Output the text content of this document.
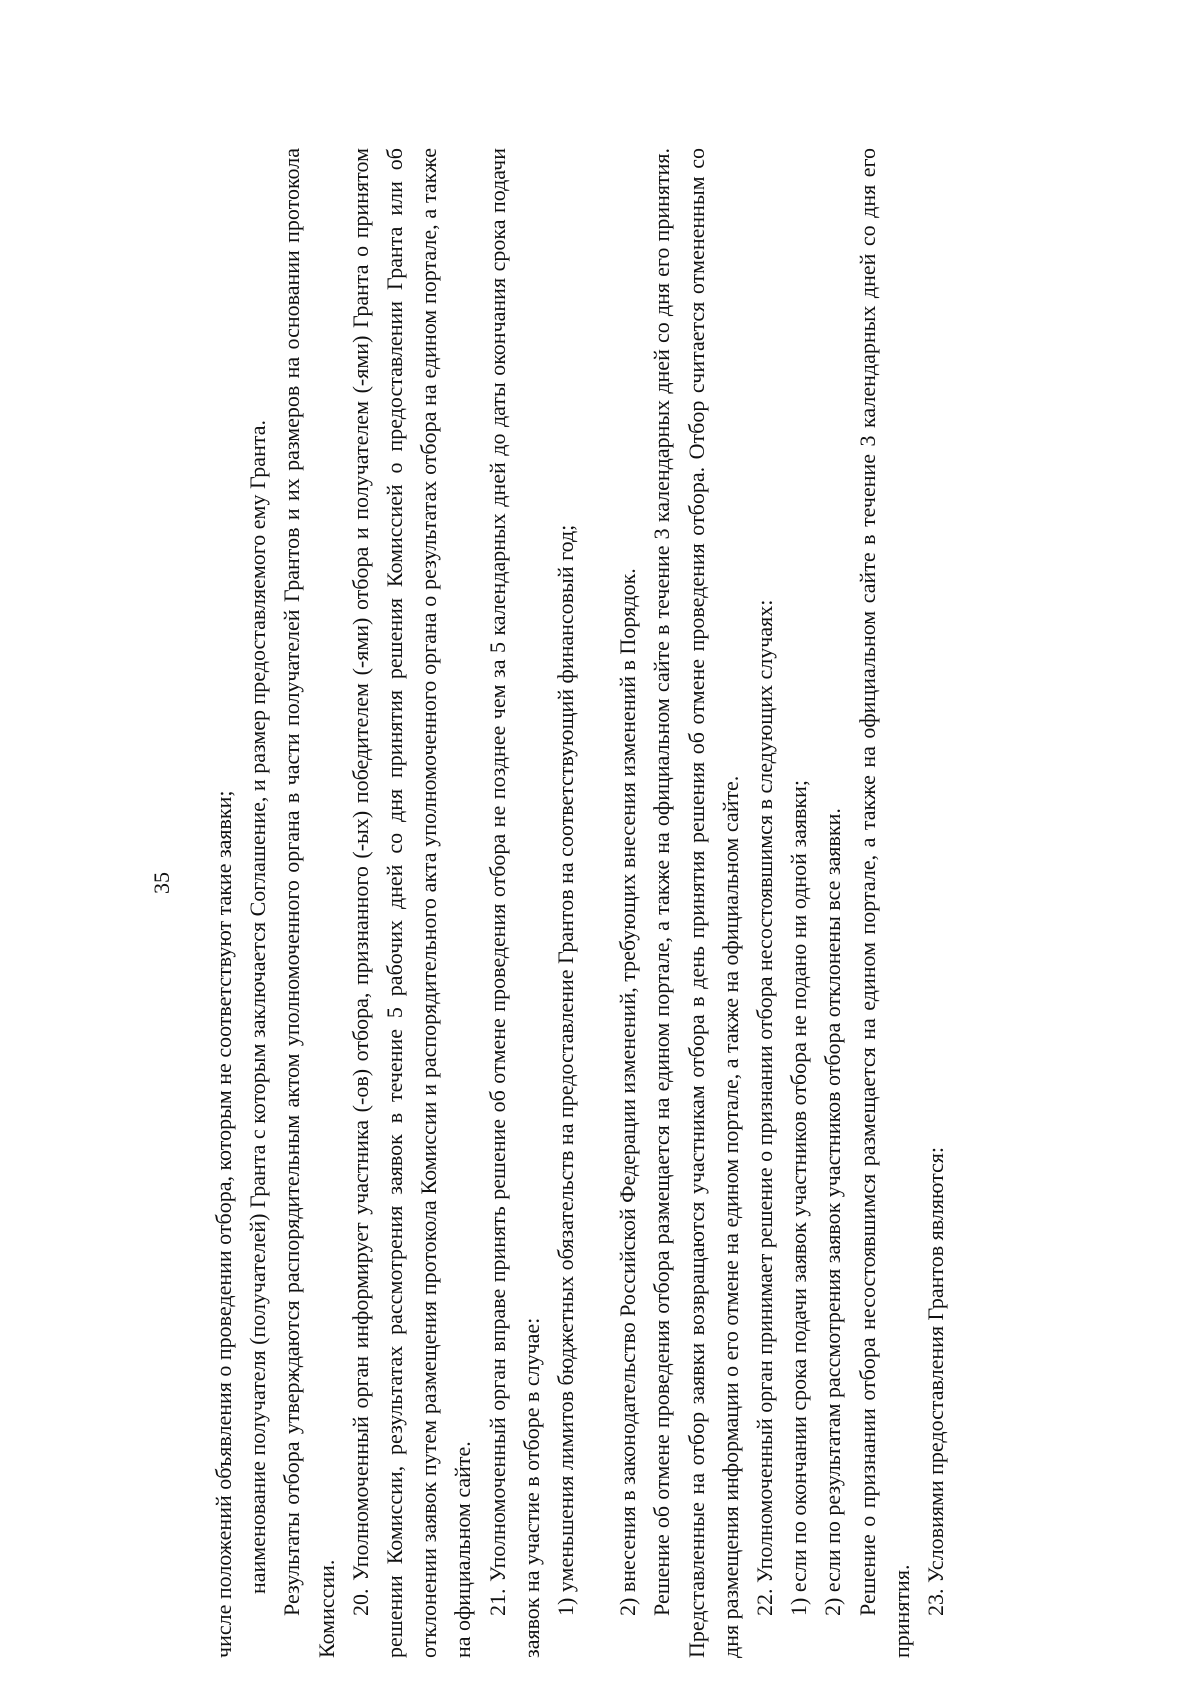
35 числе положений объявления о проведении отбора, которым не соответствуют такие заявки; наименование получателя (получателей) Гранта с которым заключается Соглашение, и размер предоставляемого ему Гранта. Результаты отбора утверждаются распорядительным актом уполномоченного органа в части получателей Грантов и их размеров на основании протокола Комиссии. 20. Уполномоченный орган информирует участника (-ов) отбора, признанного (-ых) победителем (-ями) отбора и получателем (-ями) Гранта о принятом решении Комиссии, результатах рассмотрения заявок в течение 5 рабочих дней со дня принятия решения Комиссией о предоставлении Гранта или об отклонении заявок путем размещения протокола Комиссии и распорядительного акта уполномоченного органа о результатах отбора на едином портале, а также на официальном сайте. 21. Уполномоченный орган вправе принять решение об отмене проведения отбора не позднее чем за 5 календарных дней до даты окончания срока подачи заявок на участие в отборе в случае: 1) уменьшения лимитов бюджетных обязательств на предоставление Грантов на соответствующий финансовый год; 2) внесения в законодательство Российской Федерации изменений, требующих внесения изменений в Порядок. Решение об отмене проведения отбора размещается на едином портале, а также на официальном сайте в течение 3 календарных дней со дня его принятия. Представленные на отбор заявки возвращаются участникам отбора в день принятия решения об отмене проведения отбора. Отбор считается отмененным со дня размещения информации о его отмене на едином портале, а также на официальном сайте. 22. Уполномоченный орган принимает решение о признании отбора несостоявшимся в следующих случаях: 1) если по окончании срока подачи заявок участников отбора не подано ни одной заявки; 2) если по результатам рассмотрения заявок участников отбора отклонены все заявки. Решение о признании отбора несостоявшимся размещается на едином портале, а также на официальном сайте в течение 3 календарных дней со дня его принятия. 23. Условиями предоставления Грантов являются:
